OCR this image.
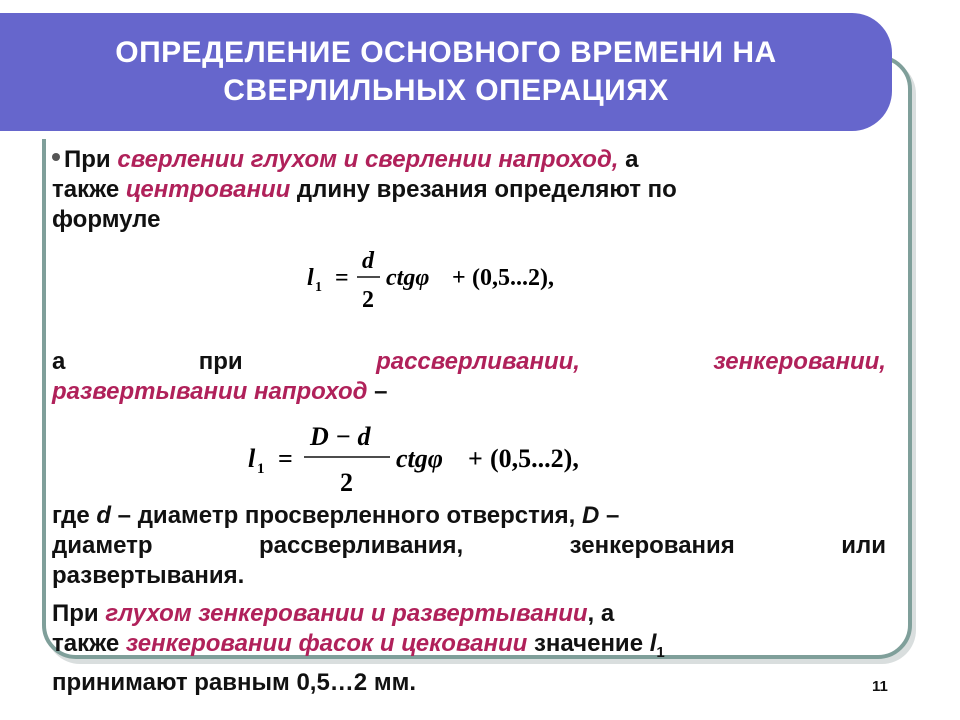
ОПРЕДЕЛЕНИЕ ОСНОВНОГО ВРЕМЕНИ НА
СВЕРЛИЛЬНЫХ ОПЕРАЦИЯХ

При сверлении глухом и сверлении напроход, а
также центровании длину врезания определяют по
формуле

l 1 =
d
2
ctgφ + (0,5...2),
а	при	рассверливании,	зенкеровании,

развертывании напроход –

l 1 =
D − d
2
ctgφ + (0,5...2),
где d – диаметр просверленного отверстия, D –

диаметр рассверливания, зенкерования или

развертывания.

При глухом зенкеровании и развертывании, а
также зенкеровании фасок и цековании значение $l_1$
принимают равным 0,5…2 мм.	11
